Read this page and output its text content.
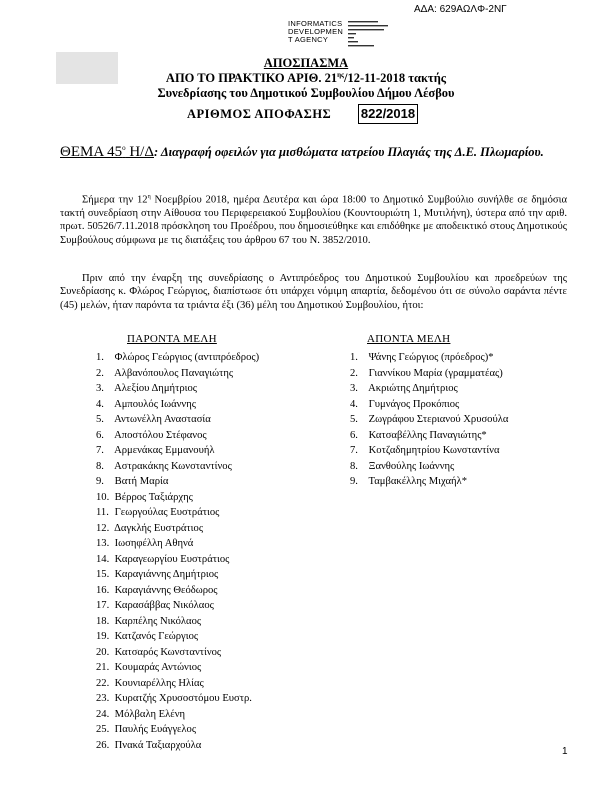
ΑΔΑ: 629ΑΩΛΦ-2ΝΓ
INFORMATICS
DEVELOPMEN
T AGENCY
ΑΠΟΣΠΑΣΜΑ
ΑΠΟ ΤΟ ΠΡΑΚΤΙΚΟ ΑΡΙΘ. $21^{\eta\varsigma}/12-11-2018$ τακτής
Συνεδρίασης του Δημοτικού Συμβουλίου Δήμου Λέσβου
ΑΡΙΘΜΟΣ ΑΠΟΦΑΣΗΣ 822/2018
ΘΕΜΑ $45^o$ Η/Δ: Διαγραφή οφειλών για μισθώματα ιατρείου Πλαγιάς της Δ.Ε. Πλωμαρίου.
Σήμερα την $12^\eta$ Νοεμβρίου 2018, ημέρα Δευτέρα και ώρα 18:00 το Δημοτικό Συμβούλιο συνήλθε σε δημόσια τακτή συνεδρίαση στην Αίθουσα του Περιφερειακού Συμβουλίου (Κουντουριώτη 1, Μυτιλήνη), ύστερα από την αριθ. πρωτ. 50526/7.11.2018 πρόσκληση του Προέδρου, που δημοσιεύθηκε και επιδόθηκε με αποδεικτικό στους Δημοτικούς Συμβούλους σύμφωνα με τις διατάξεις του άρθρου 67 του Ν. 3852/2010.
Πριν από την έναρξη της συνεδρίασης ο Αντιπρόεδρος του Δημοτικού Συμβουλίου και προεδρεύων της Συνεδρίασης κ. Φλώρος Γεώργιος, διαπίστωσε ότι υπάρχει νόμιμη απαρτία, δεδομένου ότι σε σύνολο σαράντα πέντε (45) μελών, ήταν παρόντα τα τριάντα έξι (36) μέλη του Δημοτικού Συμβουλίου, ήτοι:
ΠΑΡΟΝΤΑ ΜΕΛΗ	ΑΠΟΝΤΑ ΜΕΛΗ
1. Φλώρος Γεώργιος (αντιπρόεδρος)
2. Αλβανόπουλος Παναγιώτης
3. Αλεξίου Δημήτριος
4. Αμπουλός Ιωάννης
5. Αντωνέλλη Αναστασία
6. Αποστόλου Στέφανος
7. Αρμενάκας Εμμανουήλ
8. Αστρακάκης Κωνσταντίνος
9. Βατή Μαρία
10. Βέρρος Ταξιάρχης
11. Γεωργούλας Ευστράτιος
12. Δαγκλής Ευστράτιος
13. Ιωσηφέλλη Αθηνά
14. Καραγεωργίου Ευστράτιος
15. Καραγιάννης Δημήτριος
16. Καραγιάννης Θεόδωρος
17. Καρασάββας Νικόλαος
18. Καρπέλης Νικόλαος
19. Κατζανός Γεώργιος
20. Κατσαρός Κωνσταντίνος
21. Κουμαράς Αντώνιος
22. Κουνιαρέλλης Ηλίας
23. Κυρατζής Χρυσοστόμου Ευστρ.
24. Μόλβαλη Ελένη
25. Παυλής Ευάγγελος
26. Πνακά Ταξιαρχούλα
1. Ψάνης Γεώργιος (πρόεδρος)*
2. Γιαννίκου Μαρία (γραμματέας)
3. Ακριώτης Δημήτριος
4. Γυμνάγος Προκόπιος
5. Ζωγράφου Στεριανού Χρυσούλα
6. Κατσαβέλλης Παναγιώτης*
7. Κοτζαδημητρίου Κωνσταντίνα
8. Ξανθούλης Ιωάννης
9. Ταμβακέλλης Μιχαήλ*
1
